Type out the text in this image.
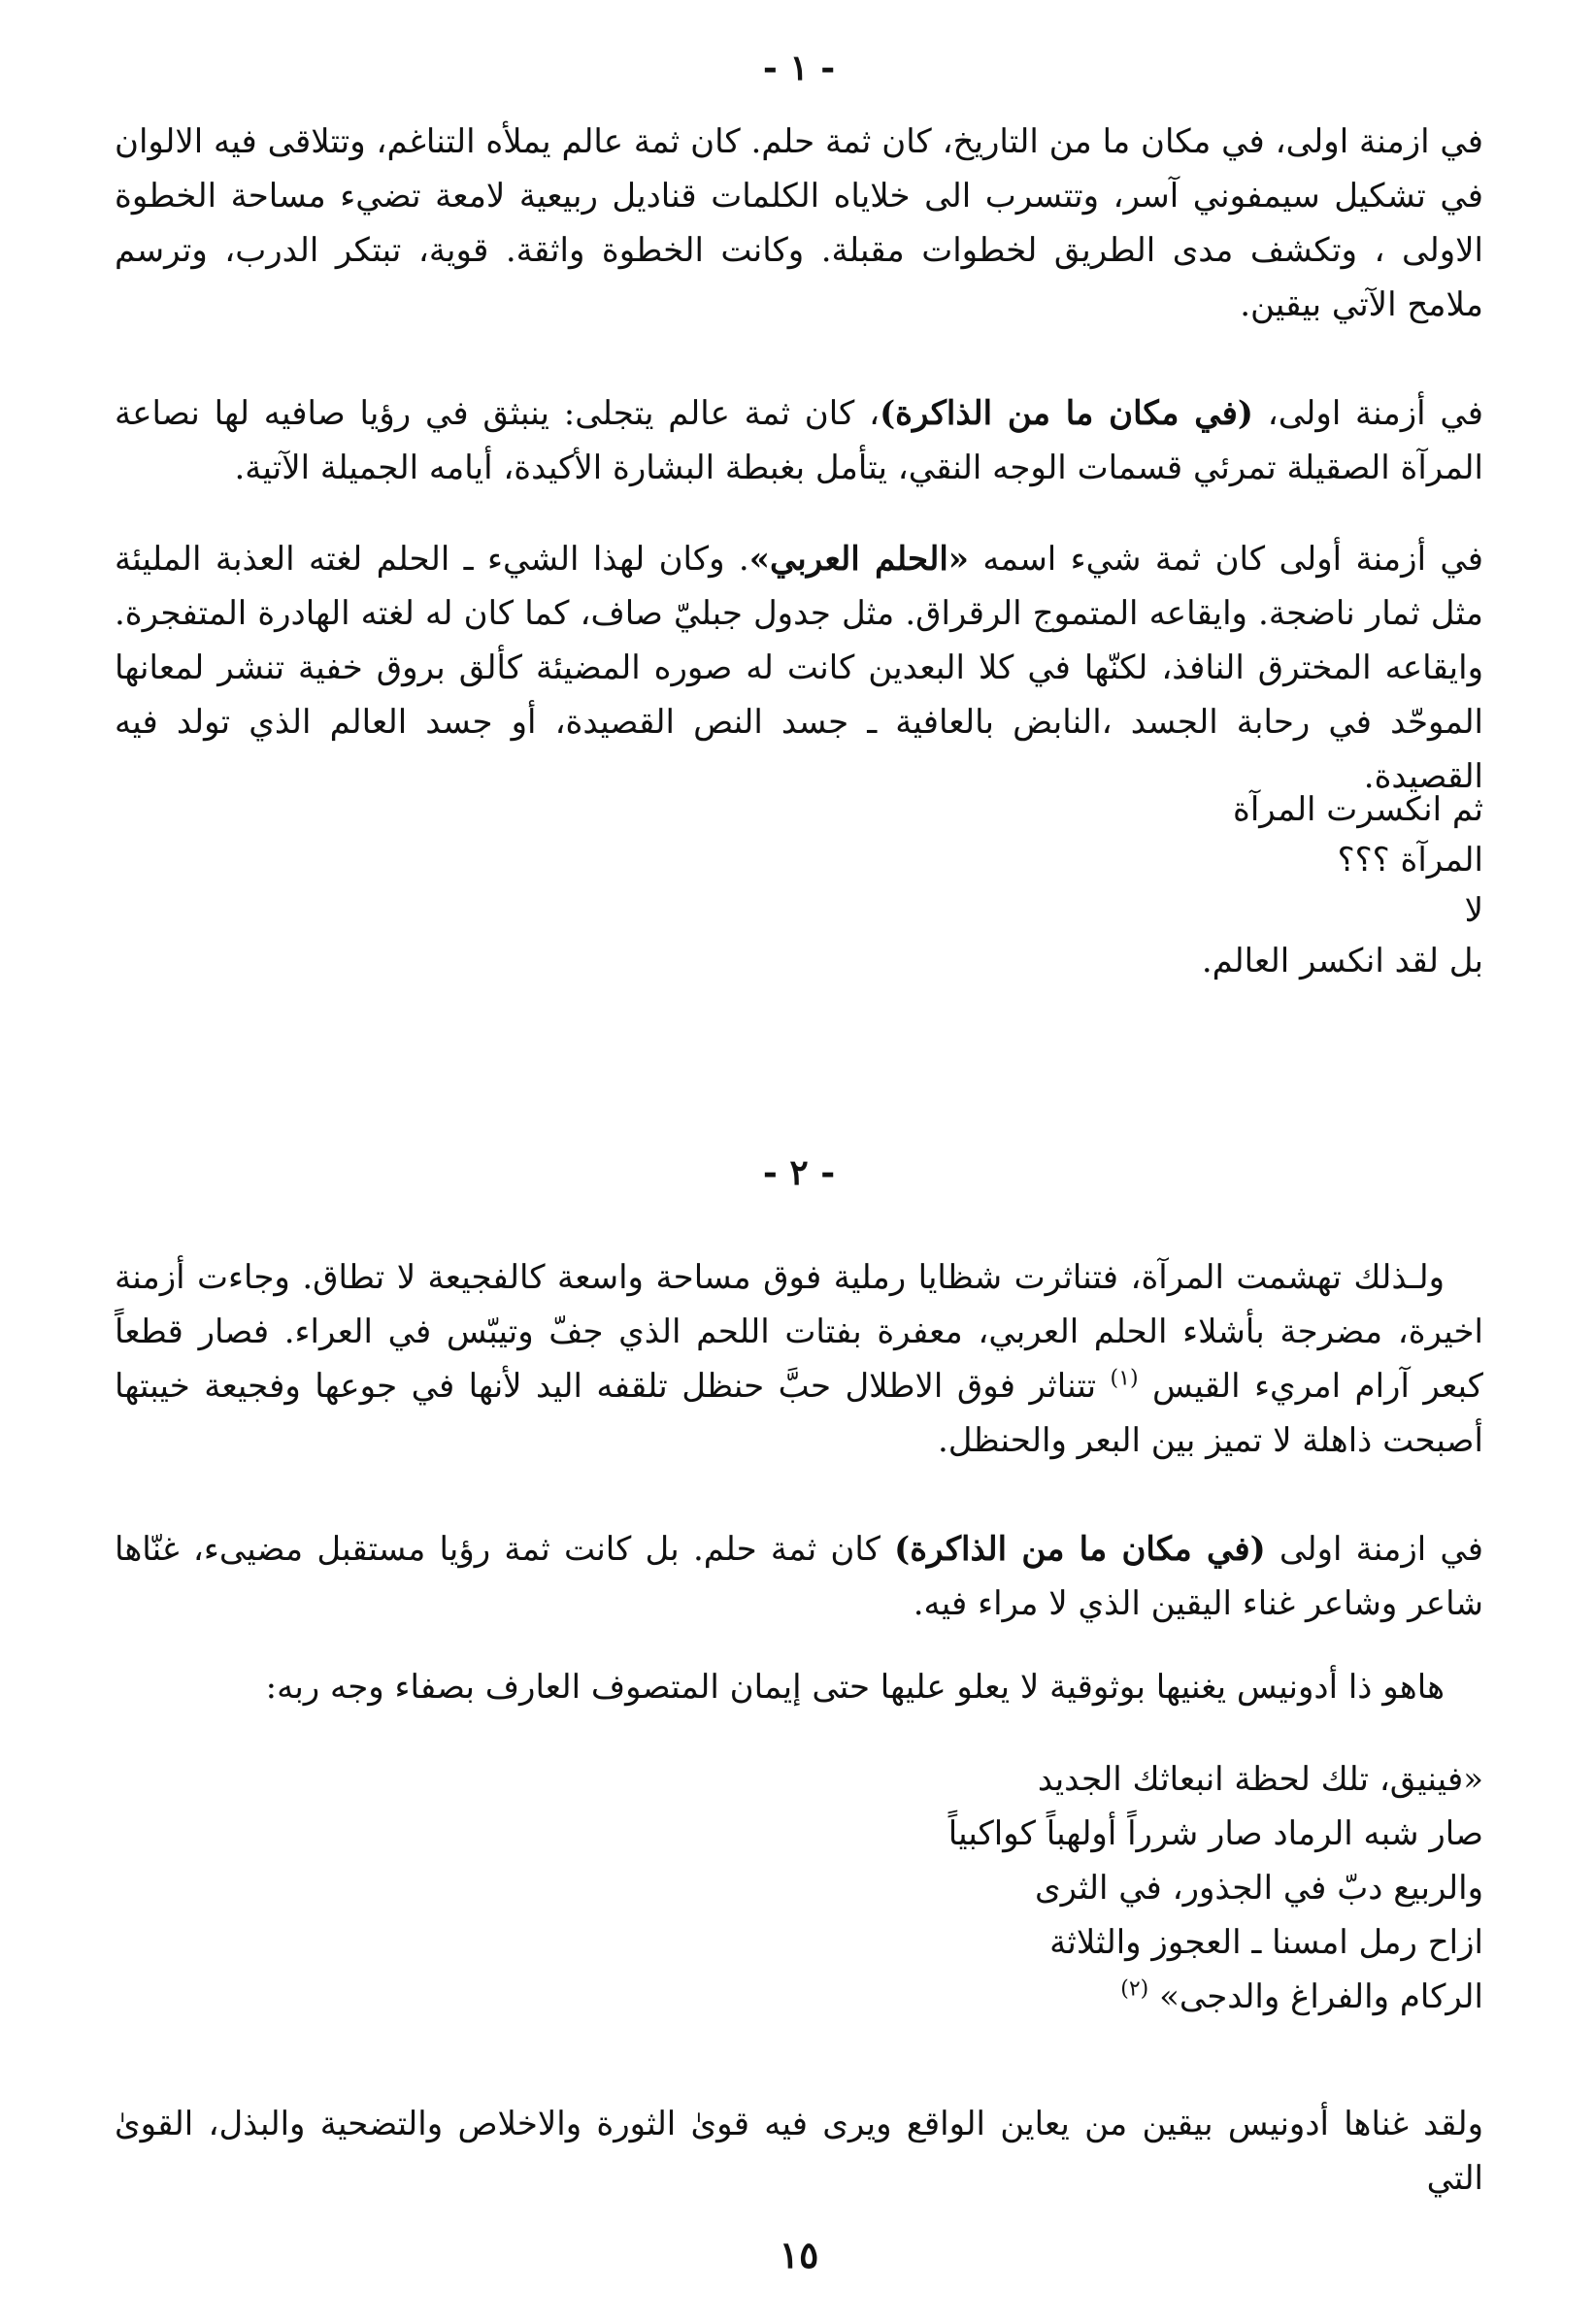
- ١ -

في ازمنة اولى، في مكان ما من التاريخ، كان ثمة حلم. كان ثمة عالم يملأه التناغم، وتتلاقى فيه الالوان في تشكيل سيمفوني آسر، وتتسرب الى خلاياه الكلمات قناديل ربيعية لامعة تضيء مساحة الخطوة الاولى ، وتكشف مدى الطريق لخطوات مقبلة. وكانت الخطوة واثقة. قوية، تبتكر الدرب، وترسم ملامح الآتي بيقين.

في أزمنة اولى، (في مكان ما من الذاكرة)، كان ثمة عالم يتجلى: ينبثق في رؤيا صافيه لها نصاعة المرآة الصقيلة تمرئي قسمات الوجه النقي، يتأمل بغبطة البشارة الأكيدة، أيامه الجميلة الآتية.

في أزمنة أولى كان ثمة شيء اسمه «الحلم العربي». وكان لهذا الشيء ـ الحلم لغته العذبة المليئة مثل ثمار ناضجة. وايقاعه المتموج الرقراق. مثل جدول جبليّ صاف، كما كان له لغته الهادرة المتفجرة. وايقاعه المخترق النافذ، لكنّها في كلا البعدين كانت له صوره المضيئة كألق بروق خفية تنشر لمعانها الموحّد في رحابة الجسد ،النابض بالعافية ـ جسد النص القصيدة، أو جسد العالم الذي تولد فيه القصيدة.

ثم انكسرت المرآة
المرآة ؟؟؟
لا
بل لقد انكسر العالم.
- ٢ -

ولـذلك تهشمت المرآة، فتناثرت شظايا رملية فوق مساحة واسعة كالفجيعة لا تطاق. وجاءت أزمنة اخيرة، مضرجة بأشلاء الحلم العربي، معفرة بفتات اللحم الذي جفّ وتيبّس في العراء. فصار قطعاً كبعر آرام امريء القيس $^{(١)}$ تتناثر فوق الاطلال حبَّ حنظل تلقفه اليد لأنها في جوعها وفجيعة خيبتها أصبحت ذاهلة لا تميز بين البعر والحنظل.

في ازمنة اولى (في مكان ما من الذاكرة) كان ثمة حلم. بل كانت ثمة رؤيا مستقبل مضيىء، غنّاها شاعر وشاعر غناء اليقين الذي لا مراء فيه.

هاهو ذا أدونيس يغنيها بوثوقية لا يعلو عليها حتى إيمان المتصوف العارف بصفاء وجه ربه:

«فينيق، تلك لحظة انبعاثك الجديد
صار شبه الرماد صار شرراً أولهباً كواكبياً
والربيع دبّ في الجذور، في الثرى
ازاح رمل امسنا ـ العجوز والثلاثة
الركام والفراغ والدجى» $^{(٢)}$

ولقد غناها أدونيس بيقين من يعاين الواقع ويرى فيه قوىٰ الثورة والاخلاص والتضحية والبذل، القوىٰ التي

١٥
